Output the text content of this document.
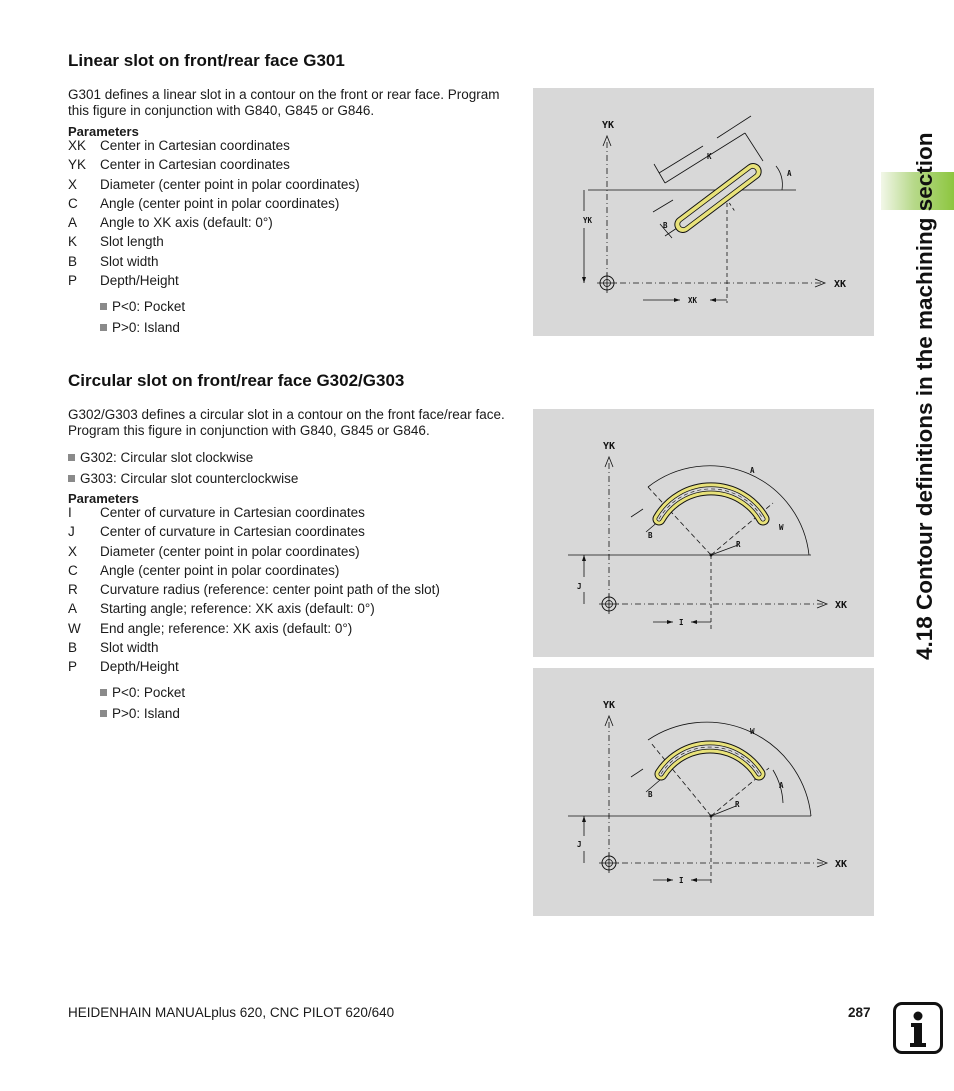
4.18 Contour definitions in the machining section
Linear slot on front/rear face G301
G301 defines a linear slot in a contour on the front or rear face. Program this figure in conjunction with G840, G845 or G846.
Parameters
XK Center in Cartesian coordinates
YK Center in Cartesian coordinates
X Diameter (center point in polar coordinates)
C Angle (center point in polar coordinates)
A Angle to XK axis (default: 0°)
K Slot length
B Slot width
P Depth/Height
P<0: Pocket
P>0: Island
YK
XK
K
A
B
YK
XK
Circular slot on front/rear face G302/G303
G302/G303 defines a circular slot in a contour on the front face/rear face. Program this figure in conjunction with G840, G845 or G846.
G302: Circular slot clockwise
G303: Circular slot counterclockwise
Parameters
I Center of curvature in Cartesian coordinates
J Center of curvature in Cartesian coordinates
X Diameter (center point in polar coordinates)
C Angle (center point in polar coordinates)
R Curvature radius (reference: center point path of the slot)
A Starting angle; reference: XK axis (default: 0°)
W End angle; reference: XK axis (default: 0°)
B Slot width
P Depth/Height
P<0: Pocket
P>0: Island
YK
XK
A
W
B
R
J
I
YK
XK
A
W
B
R
J
I
HEIDENHAIN MANUALplus 620, CNC PILOT 620/640	287
